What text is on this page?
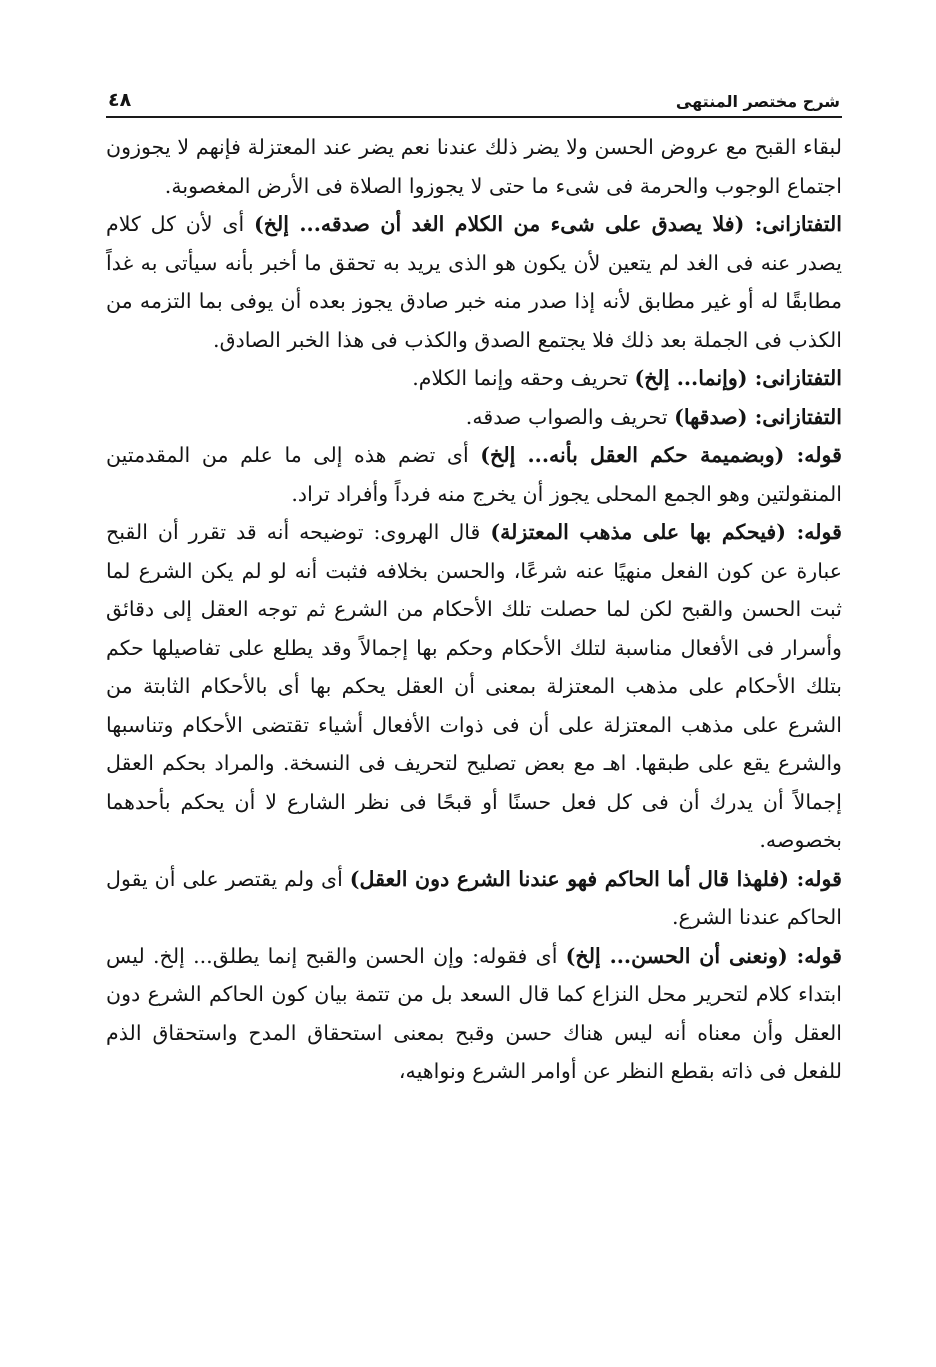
شرح مختصر المنتهى
٤٨

لبقاء القبح مع عروض الحسن ولا يضر ذلك عندنا نعم يضر عند المعتزلة فإنهم لا يجوزون اجتماع الوجوب والحرمة فى شىء ما حتى لا يجوزوا الصلاة فى الأرض المغصوبة.

التفتازانى: (فلا يصدق على شىء من الكلام الغد أن صدقه... إلخ) أى لأن كل كلام يصدر عنه فى الغد لم يتعين لأن يكون هو الذى يريد به تحقق ما أخبر بأنه سيأتى به غداً مطابقًا له أو غير مطابق لأنه إذا صدر منه خبر صادق يجوز بعده أن يوفى بما التزمه من الكذب فى الجملة بعد ذلك فلا يجتمع الصدق والكذب فى هذا الخبر الصادق.

التفتازانى: (وإنما... إلخ) تحريف وحقه وإنما الكلام.

التفتازانى: (صدقها) تحريف والصواب صدقه.

قوله: (وبضميمة حكم العقل بأنه... إلخ) أى تضم هذه إلى ما علم من المقدمتين المنقولتين وهو الجمع المحلى يجوز أن يخرج منه فرداً وأفراد تراد.

قوله: (فيحكم بها على مذهب المعتزلة) قال الهروى: توضيحه أنه قد تقرر أن القبح عبارة عن كون الفعل منهيًا عنه شرعًا، والحسن بخلافه فثبت أنه لو لم يكن الشرع لما ثبت الحسن والقبح لكن لما حصلت تلك الأحكام من الشرع ثم توجه العقل إلى دقائق وأسرار فى الأفعال مناسبة لتلك الأحكام وحكم بها إجمالاً وقد يطلع على تفاصيلها حكم بتلك الأحكام على مذهب المعتزلة بمعنى أن العقل يحكم بها أى بالأحكام الثابتة من الشرع على مذهب المعتزلة على أن فى ذوات الأفعال أشياء تقتضى الأحكام وتناسبها والشرع يقع على طبقها. اهـ مع بعض تصليح لتحريف فى النسخة. والمراد بحكم العقل إجمالاً أن يدرك أن فى كل فعل حسنًا أو قبحًا فى نظر الشارع لا أن يحكم بأحدهما بخصوصه.

قوله: (فلهذا قال أما الحاكم فهو عندنا الشرع دون العقل) أى ولم يقتصر على أن يقول الحاكم عندنا الشرع.

قوله: (ونعنى أن الحسن... إلخ) أى فقوله: وإن الحسن والقبح إنما يطلق... إلخ. ليس ابتداء كلام لتحرير محل النزاع كما قال السعد بل من تتمة بيان كون الحاكم الشرع دون العقل وأن معناه أنه ليس هناك حسن وقبح بمعنى استحقاق المدح واستحقاق الذم للفعل فى ذاته بقطع النظر عن أوامر الشرع ونواهيه،
